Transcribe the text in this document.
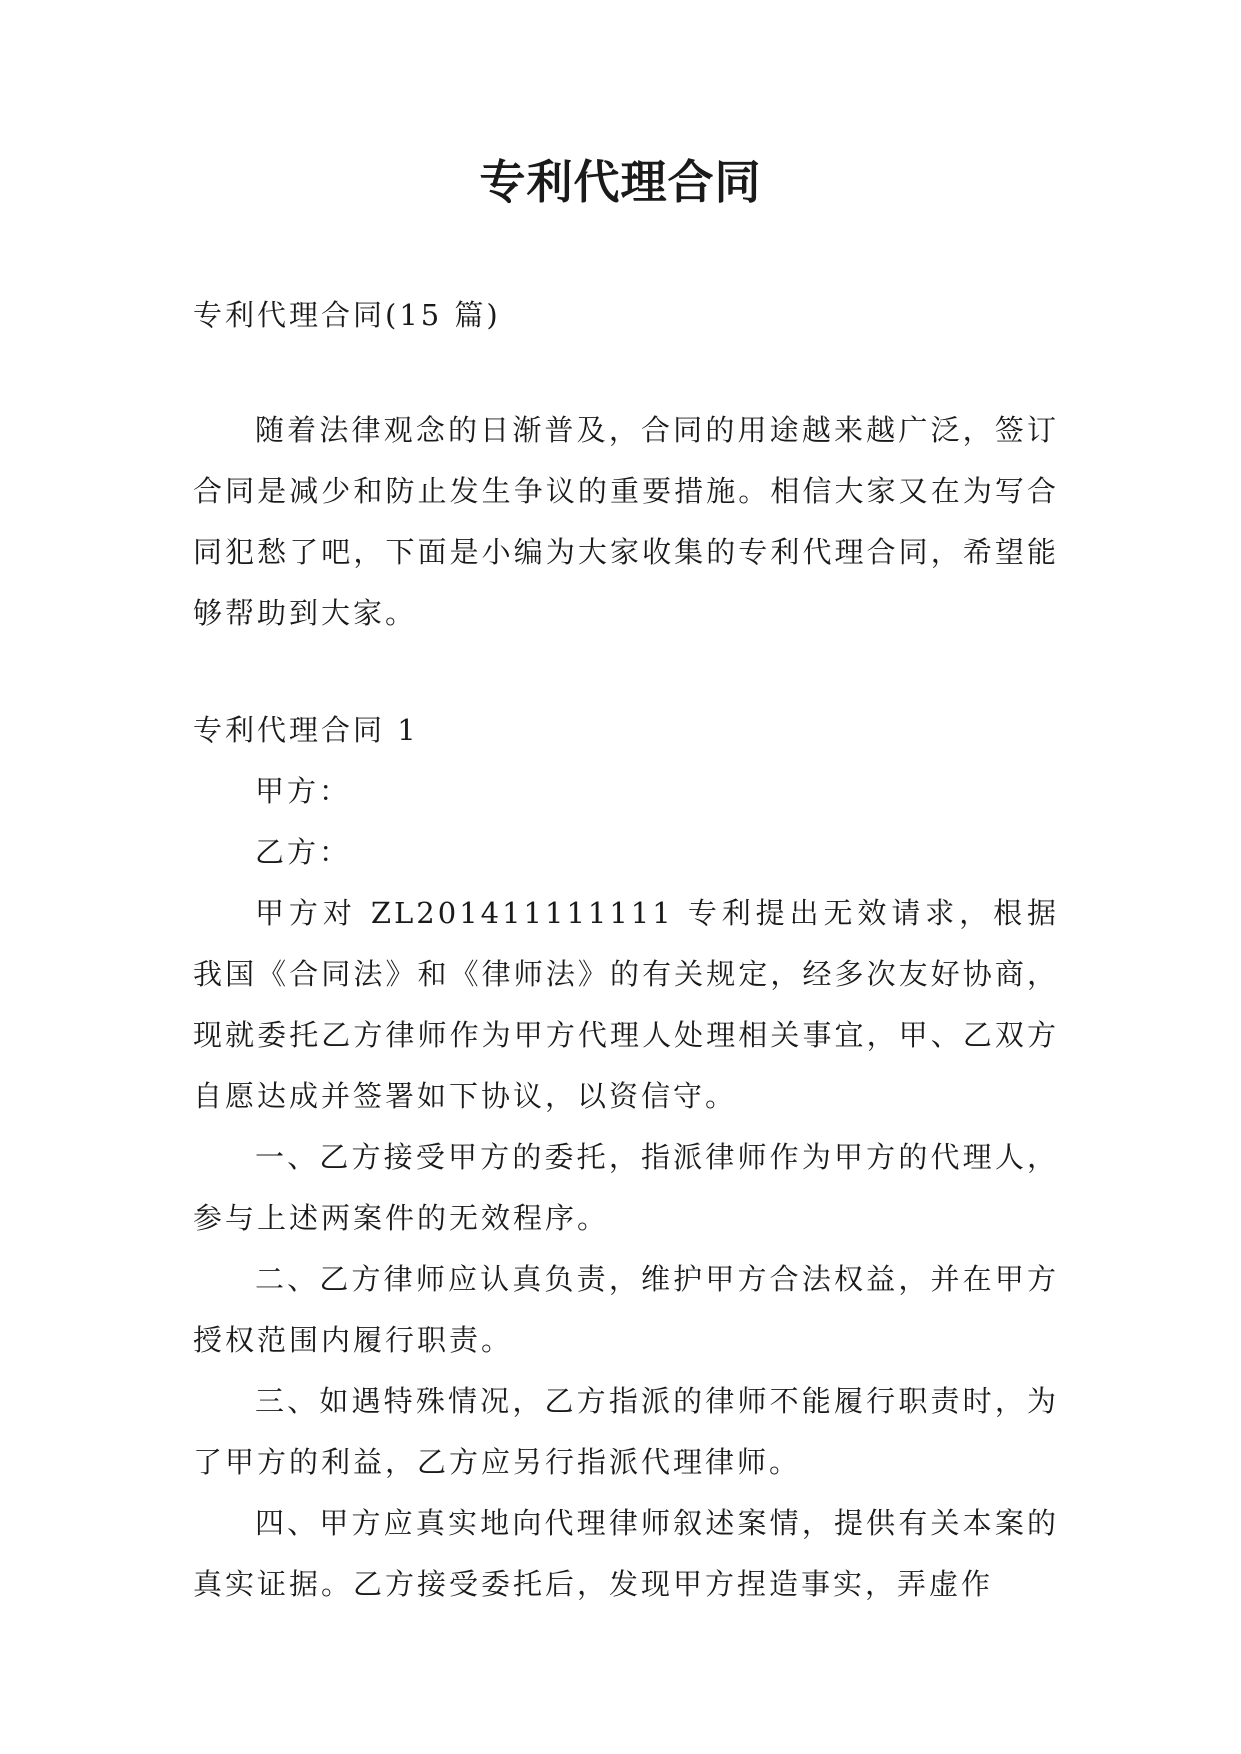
专利代理合同

专利代理合同(15 篇)

随着法律观念的日渐普及，合同的用途越来越广泛，签订合同是减少和防止发生争议的重要措施。相信大家又在为写合同犯愁了吧，下面是小编为大家收集的专利代理合同，希望能够帮助到大家。

专利代理合同 1

甲方：

乙方：

甲方对 ZL201411111111 专利提出无效请求，根据我国《合同法》和《律师法》的有关规定，经多次友好协商，现就委托乙方律师作为甲方代理人处理相关事宜，甲、乙双方自愿达成并签署如下协议，以资信守。

一、乙方接受甲方的委托，指派律师作为甲方的代理人，参与上述两案件的无效程序。

二、乙方律师应认真负责，维护甲方合法权益，并在甲方授权范围内履行职责。

三、如遇特殊情况，乙方指派的律师不能履行职责时，为了甲方的利益，乙方应另行指派代理律师。

四、甲方应真实地向代理律师叙述案情，提供有关本案的真实证据。乙方接受委托后，发现甲方捏造事实，弄虚作
